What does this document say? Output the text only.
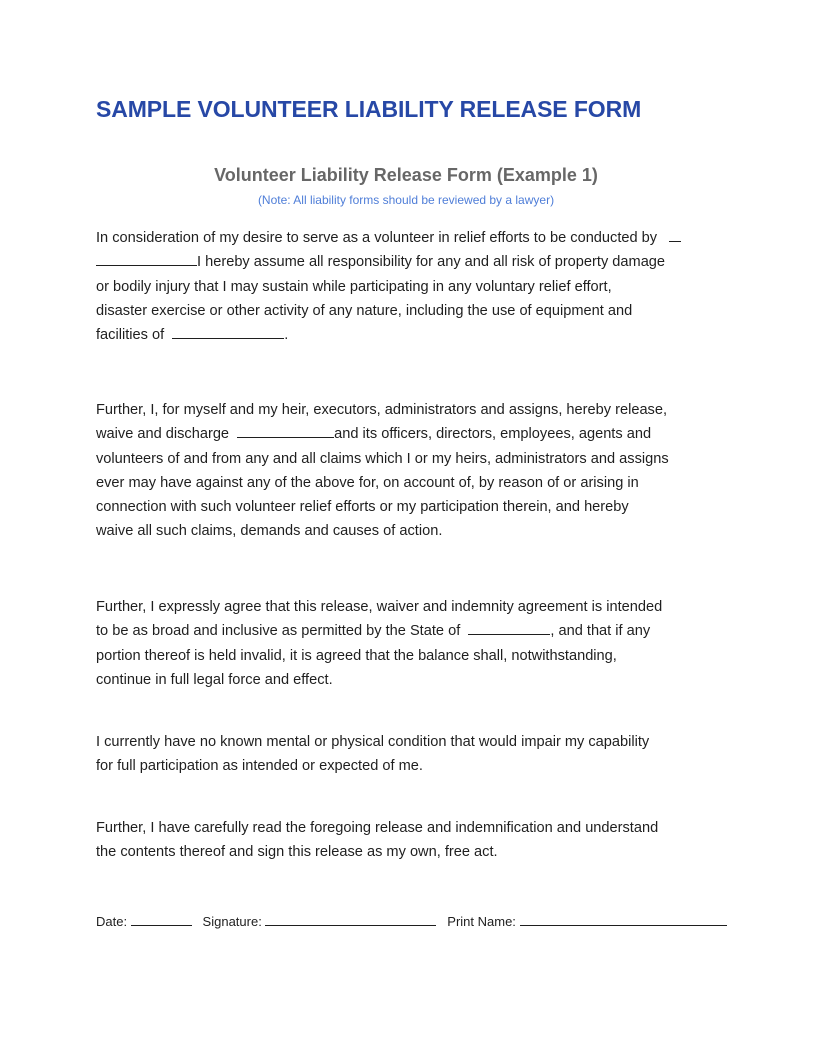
SAMPLE VOLUNTEER LIABILITY RELEASE FORM
Volunteer Liability Release Form (Example 1)

(Note: All liability forms should be reviewed by a lawyer)

In consideration of my desire to serve as a volunteer in relief efforts to be conducted by
I hereby assume all responsibility for any and all risk of property damage
or bodily injury that I may sustain while participating in any voluntary relief effort,
disaster exercise or other activity of any nature, including the use of equipment and
facilities of	.

Further, I, for myself and my heir, executors, administrators and assigns, hereby release,
waive and discharge	and its officers, directors, employees, agents and
volunteers of and from any and all claims which I or my heirs, administrators and assigns
ever may have against any of the above for, on account of, by reason of or arising in
connection with such volunteer relief efforts or my participation therein, and hereby
waive all such claims, demands and causes of action.

Further, I expressly agree that this release, waiver and indemnity agreement is intended
to be as broad and inclusive as permitted by the State of	, and that if any
portion thereof is held invalid, it is agreed that the balance shall, notwithstanding,
continue in full legal force and effect.

I currently have no known mental or physical condition that would impair my capability
for full participation as intended or expected of me.

Further, I have carefully read the foregoing release and indemnification and understand
the contents thereof and sign this release as my own, free act.

Date:	Signature:	Print Name:
